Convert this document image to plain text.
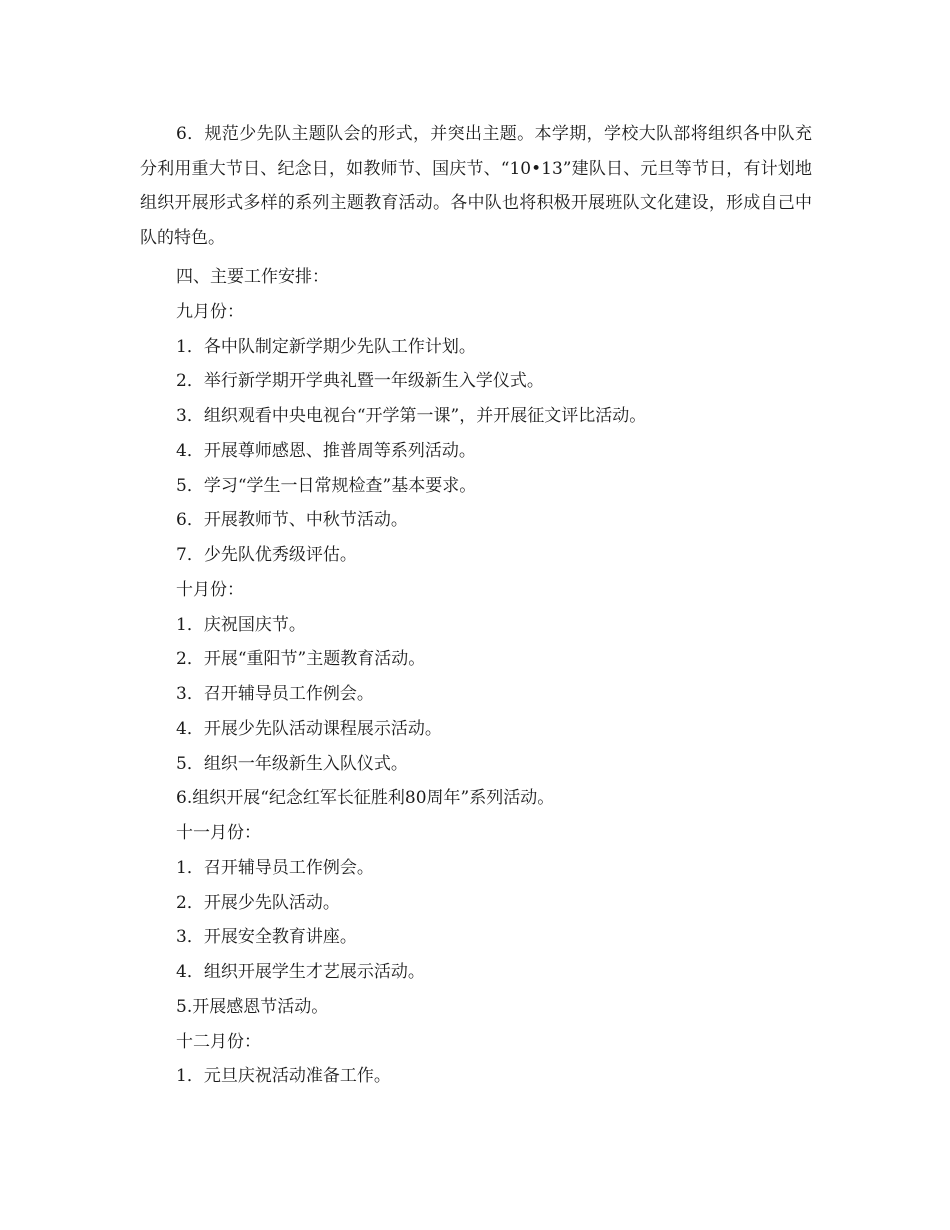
6．规范少先队主题队会的形式，并突出主题。本学期，学校大队部将组织各中队充分利用重大节日、纪念日，如教师节、国庆节、“10•13”建队日、元旦等节日，有计划地组织开展形式多样的系列主题教育活动。各中队也将积极开展班队文化建设，形成自己中队的特色。

四、主要工作安排：

九月份：

1．各中队制定新学期少先队工作计划。

2．举行新学期开学典礼暨一年级新生入学仪式。

3．组织观看中央电视台“开学第一课”，并开展征文评比活动。

4．开展尊师感恩、推普周等系列活动。

5．学习“学生一日常规检查”基本要求。

6．开展教师节、中秋节活动。

7．少先队优秀级评估。

十月份：

1．庆祝国庆节。

2．开展“重阳节”主题教育活动。

3．召开辅导员工作例会。

4．开展少先队活动课程展示活动。

5．组织一年级新生入队仪式。

6.组织开展“纪念红军长征胜利80周年”系列活动。

十一月份：

1．召开辅导员工作例会。

2．开展少先队活动。

3．开展安全教育讲座。

4．组织开展学生才艺展示活动。

5.开展感恩节活动。

十二月份：

1．元旦庆祝活动准备工作。
